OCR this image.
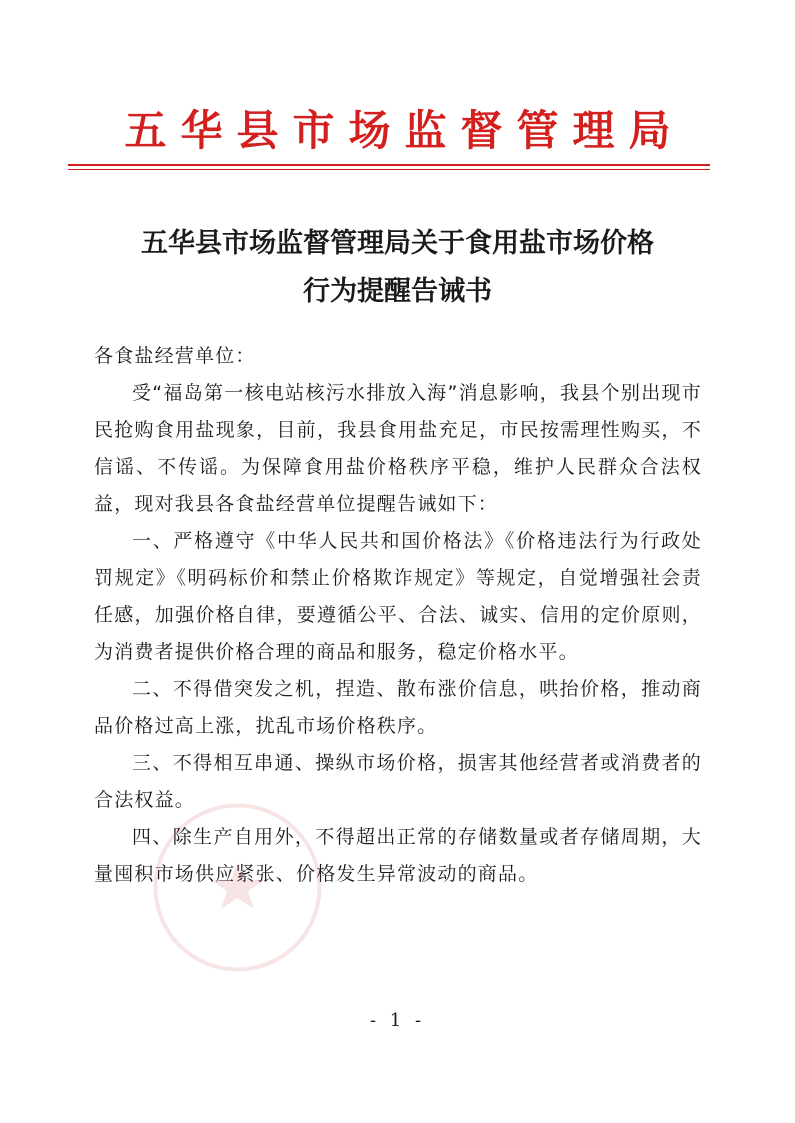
五华县市场监督管理局
五华县市场监督管理局关于食用盐市场价格
行为提醒告诫书

各食盐经营单位：

受“福岛第一核电站核污水排放入海”消息影响，我县个别出现市民抢购食用盐现象，目前，我县食用盐充足，市民按需理性购买，不信谣、不传谣。为保障食用盐价格秩序平稳，维护人民群众合法权益，现对我县各食盐经营单位提醒告诫如下：

一、严格遵守《中华人民共和国价格法》《价格违法行为行政处罚规定》《明码标价和禁止价格欺诈规定》等规定，自觉增强社会责任感，加强价格自律，要遵循公平、合法、诚实、信用的定价原则，为消费者提供价格合理的商品和服务，稳定价格水平。

二、不得借突发之机，捏造、散布涨价信息，哄抬价格，推动商品价格过高上涨，扰乱市场价格秩序。

三、不得相互串通、操纵市场价格，损害其他经营者或消费者的合法权益。

四、除生产自用外，不得超出正常的存储数量或者存储周期，大量囤积市场供应紧张、价格发生异常波动的商品。

- 1 -
